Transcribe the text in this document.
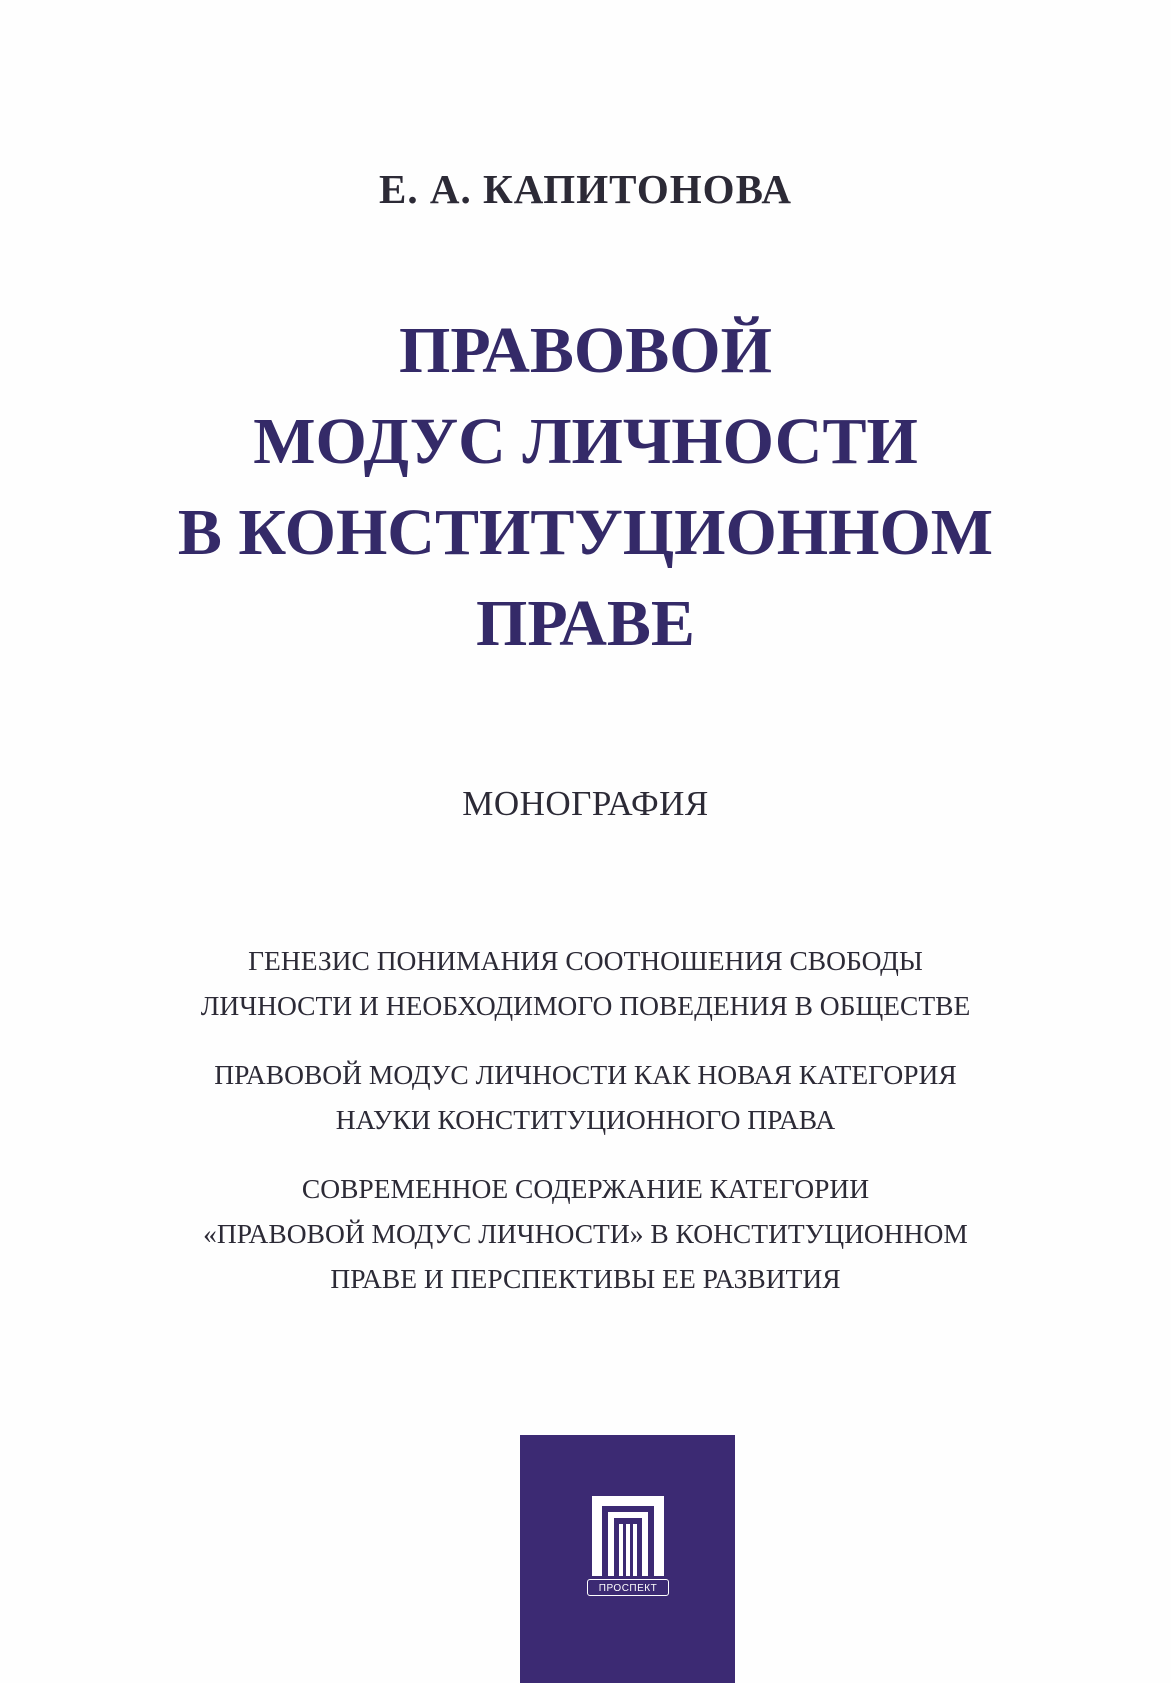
Е. А. КАПИТОНОВА
ПРАВОВОЙ
МОДУС ЛИЧНОСТИ
В КОНСТИТУЦИОННОМ
ПРАВЕ
МОНОГРАФИЯ
ГЕНЕЗИС ПОНИМАНИЯ СООТНОШЕНИЯ СВОБОДЫ
ЛИЧНОСТИ И НЕОБХОДИМОГО ПОВЕДЕНИЯ В ОБЩЕСТВЕ
ПРАВОВОЙ МОДУС ЛИЧНОСТИ КАК НОВАЯ КАТЕГОРИЯ
НАУКИ КОНСТИТУЦИОННОГО ПРАВА
СОВРЕМЕННОЕ СОДЕРЖАНИЕ КАТЕГОРИИ
«ПРАВОВОЙ МОДУС ЛИЧНОСТИ» В КОНСТИТУЦИОННОМ
ПРАВЕ И ПЕРСПЕКТИВЫ ЕЕ РАЗВИТИЯ
ПРОСПЕКТ
